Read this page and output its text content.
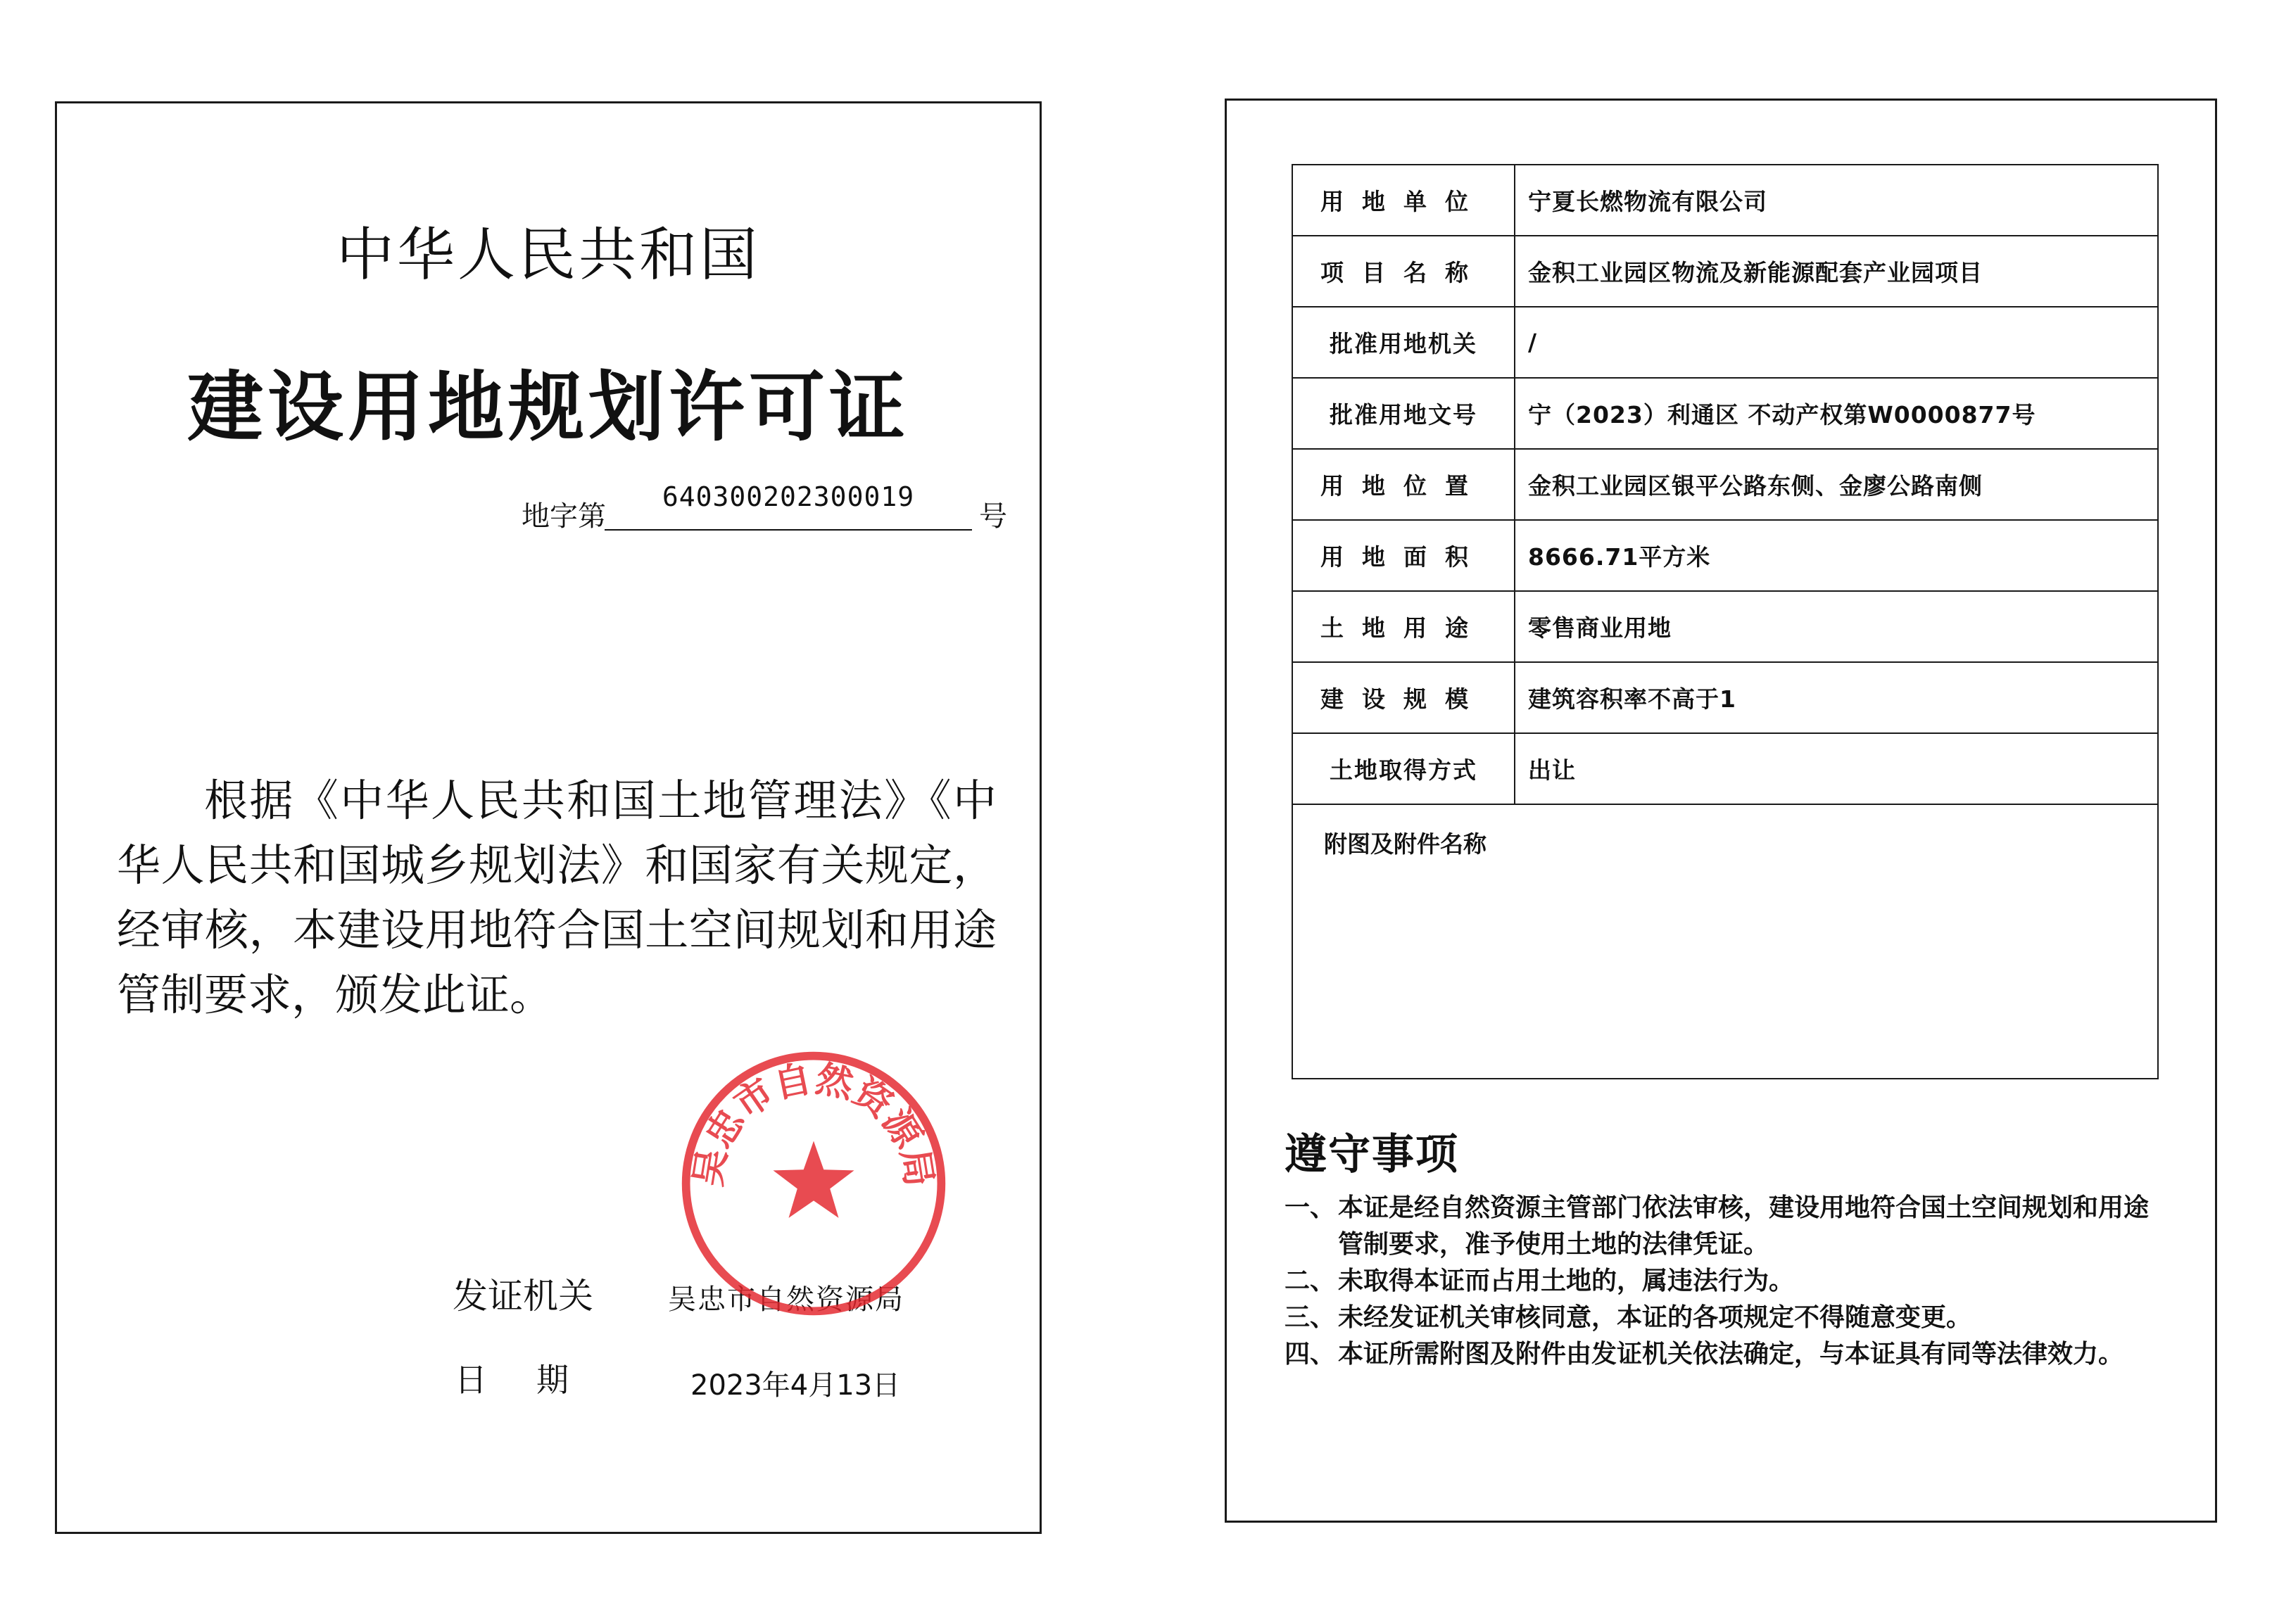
中华人民共和国
建设用地规划许可证
地字第
640300202300019
号
根据《中华人民共和国土地管理法》《中华人民共和国城乡规划法》和国家有关规定，经审核，本建设用地符合国土空间规划和用途管制要求，颁发此证。
发证机关	吴忠市自然资源局
日期	2023年4月13日
吴忠市自然资源局
用地单位	宁夏长燃物流有限公司
项目名称	金积工业园区物流及新能源配套产业园项目
批准用地机关	/
批准用地文号	宁（2023）利通区 不动产权第W0000877号
用地位置	金积工业园区银平公路东侧、金廖公路南侧
用地面积	8666.71平方米
土地用途	零售商业用地
建设规模	建筑容积率不高于1
土地取得方式	出让
附图及附件名称	
遵守事项
一、 本证是经自然资源主管部门依法审核，建设用地符合国土空间规划和用途管制要求，准予使用土地的法律凭证。
二、 未取得本证而占用土地的，属违法行为。
三、 未经发证机关审核同意，本证的各项规定不得随意变更。
四、 本证所需附图及附件由发证机关依法确定，与本证具有同等法律效力。
